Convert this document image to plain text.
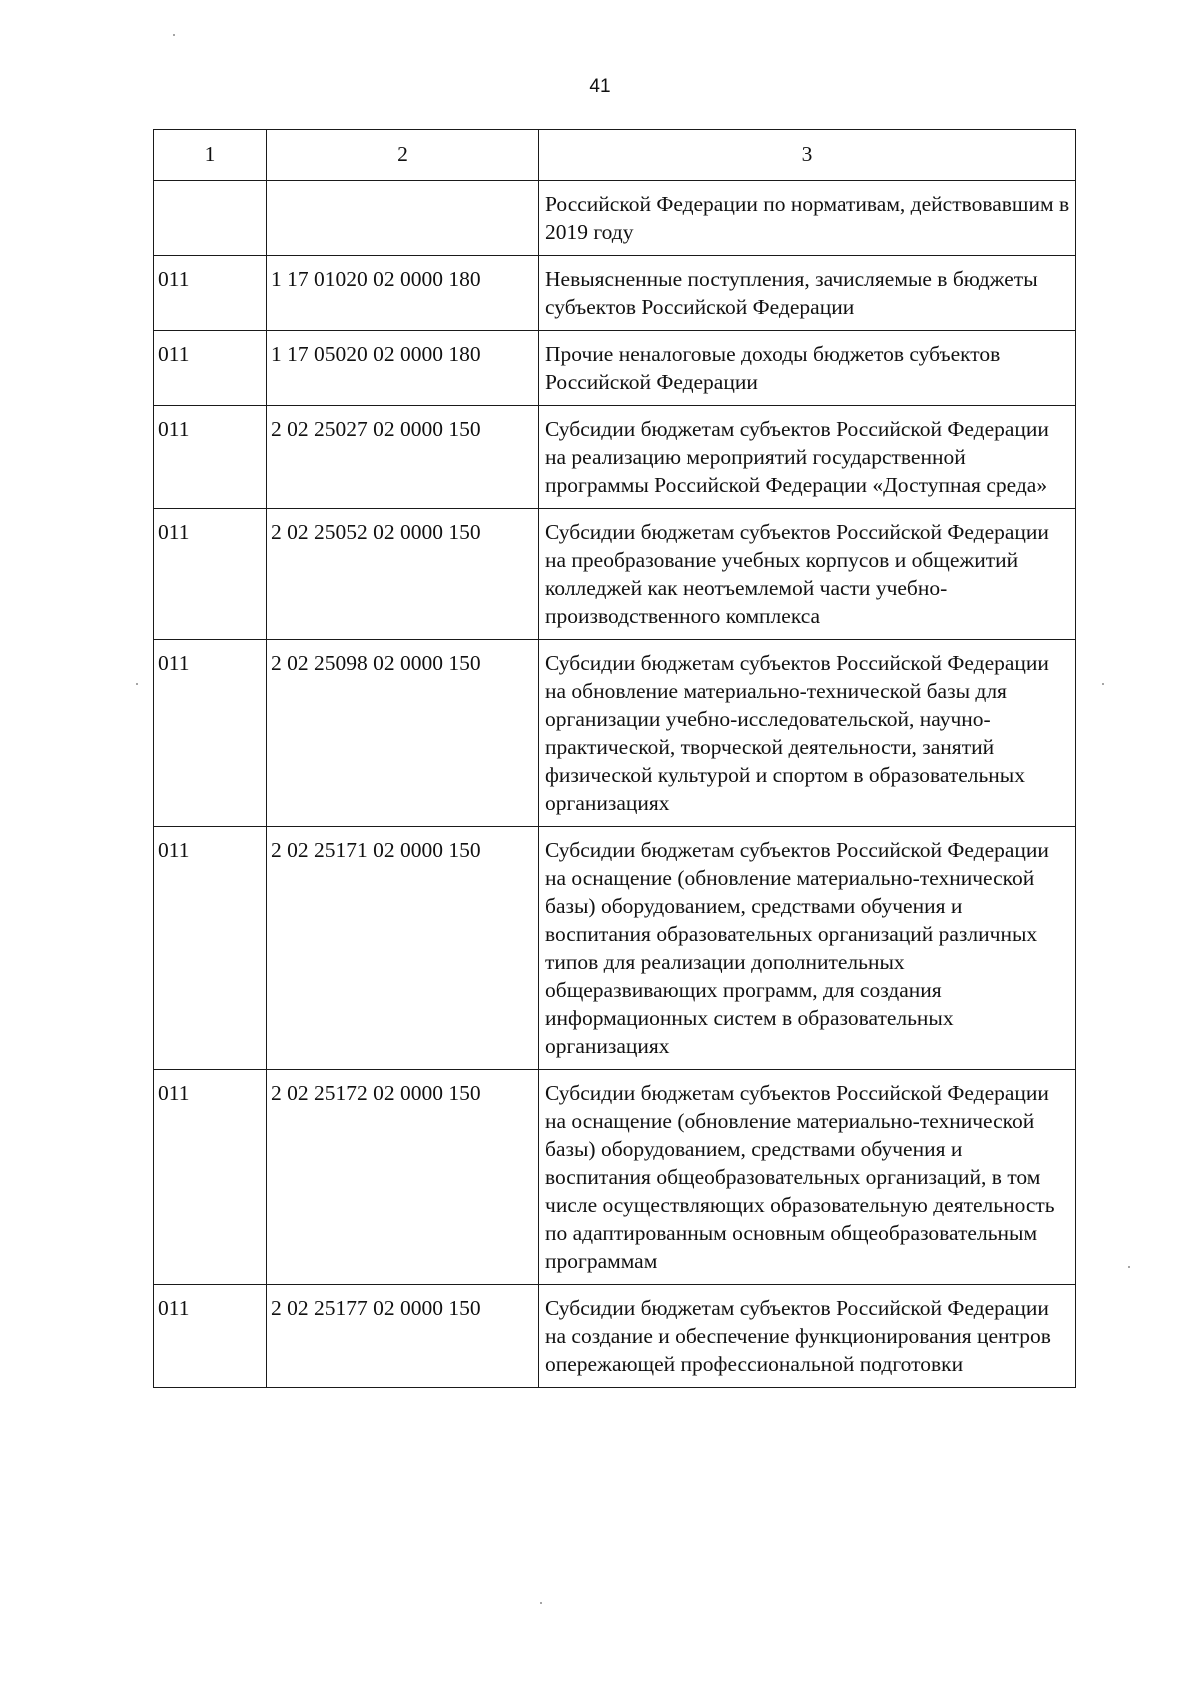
41
1	2	3
		Российской Федерации по нормативам, действовавшим в 2019 году
011	1 17 01020 02 0000 180	Невыясненные поступления, зачисляемые в бюджеты субъектов Российской Федерации
011	1 17 05020 02 0000 180	Прочие неналоговые доходы бюджетов субъектов Российской Федерации
011	2 02 25027 02 0000 150	Субсидии бюджетам субъектов Российской Федерации на реализацию мероприятий государственной программы Российской Федерации «Доступная среда»
011	2 02 25052 02 0000 150	Субсидии бюджетам субъектов Российской Федерации на преобразование учебных корпусов и общежитий колледжей как неотъемлемой части учебно-производственного комплекса
011	2 02 25098 02 0000 150	Субсидии бюджетам субъектов Российской Федерации на обновление материально-технической базы для организации учебно-исследовательской, научно-практической, творческой деятельности, занятий физической культурой и спортом в образовательных организациях
011	2 02 25171 02 0000 150	Субсидии бюджетам субъектов Российской Федерации на оснащение (обновление материально-технической базы) оборудованием, средствами обучения и воспитания образовательных организаций различных типов для реализации дополнительных общеразвивающих программ, для создания информационных систем в образовательных организациях
011	2 02 25172 02 0000 150	Субсидии бюджетам субъектов Российской Федерации на оснащение (обновление материально-технической базы) оборудованием, средствами обучения и воспитания общеобразовательных организаций, в том числе осуществляющих образовательную деятельность по адаптированным основным общеобразовательным программам
011	2 02 25177 02 0000 150	Субсидии бюджетам субъектов Российской Федерации на создание и обеспечение функционирования центров опережающей профессиональной подготовки
